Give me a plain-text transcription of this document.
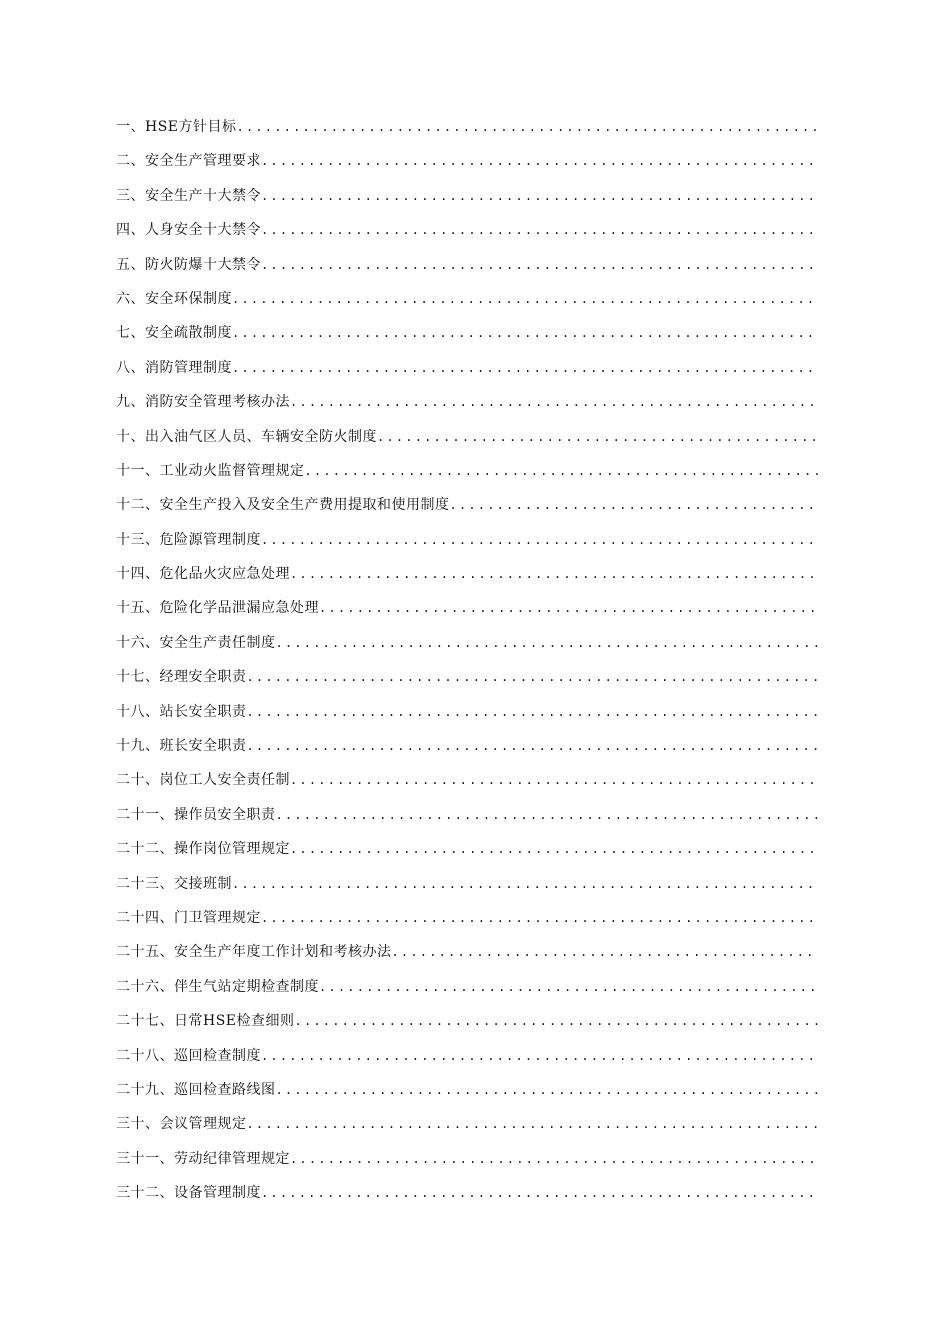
一、HSE方针目标
.....
二、安全生产管理要求
.....
三、安全生产十大禁令
.....
四、人身安全十大禁令
.....
五、防火防爆十大禁令
.....
六、安全环保制度
.....
七、安全疏散制度
.....
八、消防管理制度
.....
九、消防安全管理考核办法
.....
十、出入油气区人员、车辆安全防火制度
.....
十一、工业动火监督管理规定
.....
十二、安全生产投入及安全生产费用提取和使用制度
.....
十三、危险源管理制度
.....
十四、危化品火灾应急处理
.....
十五、危险化学品泄漏应急处理
.....
十六、安全生产责任制度
.....
十七、经理安全职责
.....
十八、站长安全职责
.....
十九、班长安全职责
.....
二十、岗位工人安全责任制
.....
二十一、操作员安全职责
.....
二十二、操作岗位管理规定
.....
二十三、交接班制
.....
二十四、门卫管理规定
.....
二十五、安全生产年度工作计划和考核办法
.....
二十六、伴生气站定期检查制度
.....
二十七、日常HSE检查细则
.....
二十八、巡回检查制度
.....
二十九、巡回检查路线图
.....
三十、会议管理规定
.....
三十一、劳动纪律管理规定
.....
三十二、设备管理制度
.....
